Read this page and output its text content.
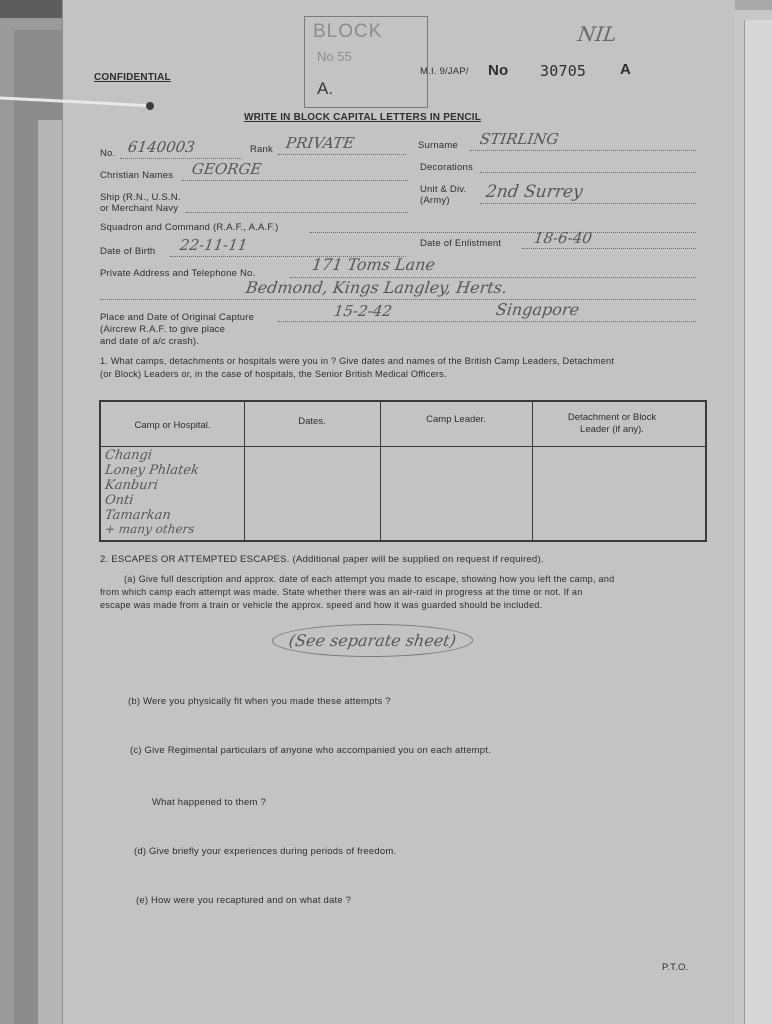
CONFIDENTIAL
BLOCK
No 55
A.
M.I. 9/JAP/ No 30705 A
NIL
WRITE IN BLOCK CAPITAL LETTERS IN PENCIL
No. 6140003	Rank PRIVATE	Surname STIRLING
Christian Names GEORGE	Decorations
Ship (R.N., U.S.N.
or Merchant Navy
Unit & Div.
(Army) 2nd Surrey
Squadron and Command (R.A.F., A.A.F.)
Date of Birth 22-11-11	Date of Enlistment 18-6-40
Private Address and Telephone No.	171 Toms Lane
Bedmond, Kings Langley, Herts.
Place and Date of Original Capture
(Aircrew R.A.F. to give place
and date of a/c crash).
15-2-42	Singapore
1. What camps, detachments or hospitals were you in ? Give dates and names of the British Camp Leaders, Detachment
(or Block) Leaders or, in the case of hospitals, the Senior British Medical Officers.
Camp or Hospital.	Dates.	Camp Leader.	Detachment or Block Leader (if any).
Changi
Loney Phlatek
Kanburi
Onti
Tamarkan
+ many others
2. ESCAPES OR ATTEMPTED ESCAPES. (Additional paper will be supplied on request if required).
(a) Give full description and approx. date of each attempt you made to escape, showing how you left the camp, and
from which camp each attempt was made. State whether there was an air-raid in progress at the time or not. If an
escape was made from a train or vehicle the approx. speed and how it was guarded should be included.
(See separate sheet)
(b) Were you physically fit when you made these attempts ?
(c) Give Regimental particulars of anyone who accompanied you on each attempt.
What happened to them ?
(d) Give briefly your experiences during periods of freedom.
(e) How were you recaptured and on what date ?
P.T.O.
